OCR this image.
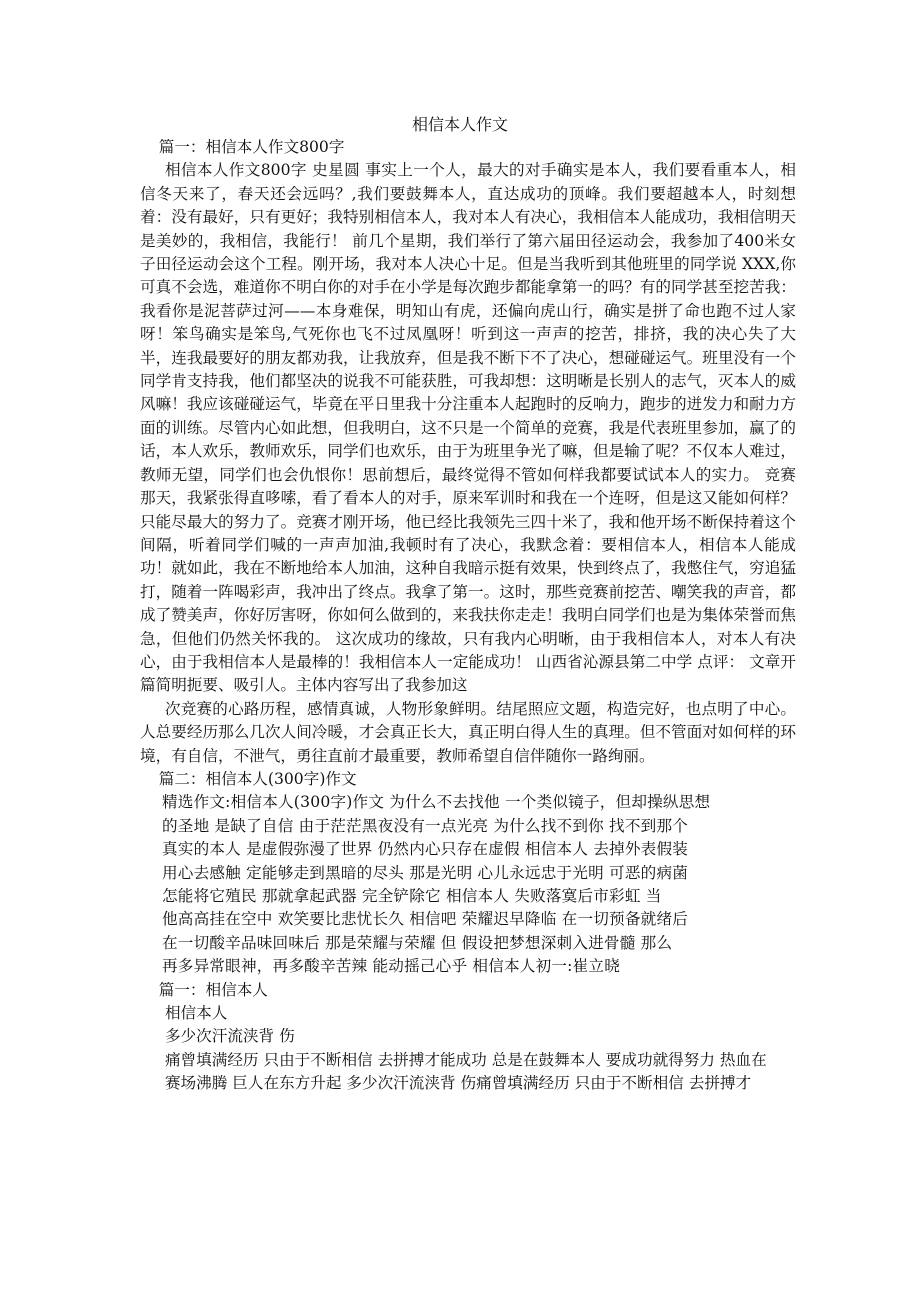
相信本人作文

篇一：相信本人作文800字

相信本人作文800字 史星圆 事实上一个人，最大的对手确实是本人，我们要看重本人，相信冬天来了，春天还会远吗？,我们要鼓舞本人，直达成功的顶峰。我们要超越本人，时刻想着：没有最好，只有更好；我特别相信本人，我对本人有决心，我相信本人能成功，我相信明天是美妙的，我相信，我能行！ 前几个星期，我们举行了第六届田径运动会，我参加了400米女子田径运动会这个工程。刚开场，我对本人决心十足。但是当我听到其他班里的同学说 XXX,你可真不会选，难道你不明白你的对手在小学是每次跑步都能拿第一的吗？有的同学甚至挖苦我：我看你是泥菩萨过河——本身难保，明知山有虎，还偏向虎山行，确实是拼了命也跑不过人家呀！笨鸟确实是笨鸟,气死你也飞不过凤凰呀！听到这一声声的挖苦，排挤，我的决心失了大半，连我最要好的朋友都劝我，让我放弃，但是我不断下不了决心，想碰碰运气。班里没有一个同学肯支持我，他们都坚决的说我不可能获胜，可我却想：这明晰是长别人的志气，灭本人的威风嘛！我应该碰碰运气，毕竟在平日里我十分注重本人起跑时的反响力，跑步的迸发力和耐力方面的训练。尽管内心如此想，但我明白，这不只是一个简单的竞赛，我是代表班里参加，赢了的话，本人欢乐，教师欢乐，同学们也欢乐，由于为班里争光了嘛，但是输了呢？不仅本人难过，教师无望，同学们也会仇恨你！思前想后，最终觉得不管如何样我都要试试本人的实力。 竞赛那天，我紧张得直哆嗦，看了看本人的对手，原来军训时和我在一个连呀，但是这又能如何样？只能尽最大的努力了。竞赛才刚开场，他已经比我领先三四十米了，我和他开场不断保持着这个间隔，听着同学们喊的一声声加油,我顿时有了决心，我默念着：要相信本人，相信本人能成功！就如此，我在不断地给本人加油，这种自我暗示挺有效果，快到终点了，我憋住气，穷追猛打，随着一阵喝彩声，我冲出了终点。我拿了第一。这时，那些竞赛前挖苦、嘲笑我的声音，都成了赞美声，你好厉害呀，你如何么做到的，来我扶你走走！我明白同学们也是为集体荣誉而焦急，但他们仍然关怀我的。 这次成功的缘故，只有我内心明晰，由于我相信本人，对本人有决心，由于我相信本人是最棒的！我相信本人一定能成功！ 山西省沁源县第二中学 点评： 文章开篇简明扼要、吸引人。主体内容写出了我参加这

次竞赛的心路历程，感情真诚，人物形象鲜明。结尾照应文题，构造完好，也点明了中心。 人总要经历那么几次人间冷暖，才会真正长大，真正明白得人生的真理。但不管面对如何样的环境，有自信，不泄气，勇往直前才最重要，教师希望自信伴随你一路绚丽。

篇二：相信本人(300字)作文

精选作文:相信本人(300字)作文 为什么不去找他 一个类似镜子，但却操纵思想
的圣地 是缺了自信 由于茫茫黑夜没有一点光亮 为什么找不到你 找不到那个
真实的本人 是虚假弥漫了世界 仍然内心只存在虚假 相信本人 去掉外表假装
用心去感触 定能够走到黑暗的尽头 那是光明 心儿永远忠于光明 可恶的病菌
怎能将它殖民 那就拿起武器 完全铲除它 相信本人 失败落寞后市彩虹 当
他高高挂在空中 欢笑要比悲忧长久 相信吧 荣耀迟早降临 在一切预备就绪后
在一切酸辛品味回味后 那是荣耀与荣耀 但 假设把梦想深刺入进骨髓 那么
再多异常眼神，再多酸辛苦辣 能动摇己心乎 相信本人初一:崔立晓

篇一：相信本人

相信本人

多少次汗流浃背 伤

痛曾填满经历 只由于不断相信 去拼搏才能成功 总是在鼓舞本人 要成功就得努力 热血在

赛场沸腾 巨人在东方升起 多少次汗流浃背 伤痛曾填满经历 只由于不断相信 去拼搏才
